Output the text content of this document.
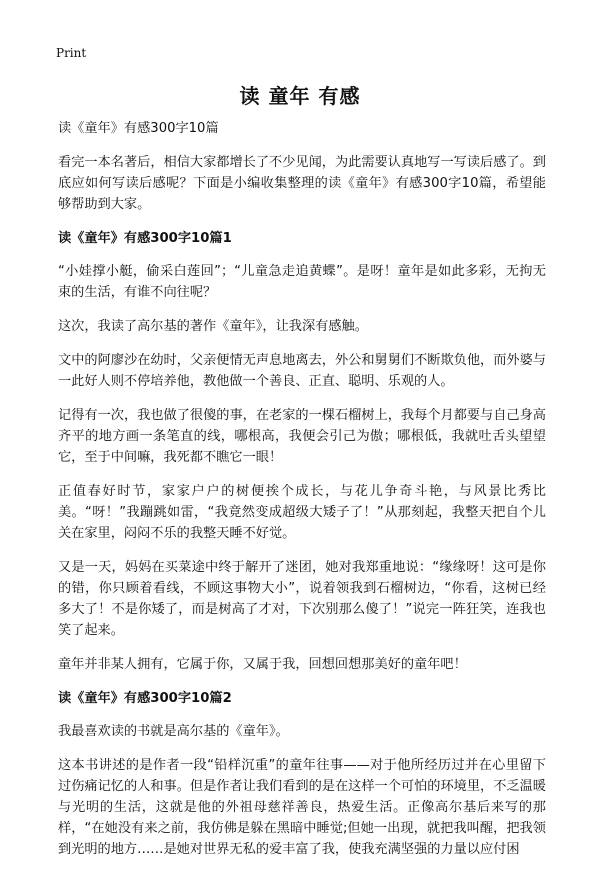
Print
读 童年 有感

读《童年》有感300字10篇

看完一本名著后，相信大家都增长了不少见闻，为此需要认真地写一写读后感了。到底应如何写读后感呢？下面是小编收集整理的读《童年》有感300字10篇，希望能够帮助到大家。

读《童年》有感300字10篇1

“小娃撑小艇，偷采白莲回”；“儿童急走追黄蝶”。是呀！童年是如此多彩，无拘无束的生活，有谁不向往呢？

这次，我读了高尔基的著作《童年》，让我深有感触。

文中的阿廖沙在幼时，父亲便情无声息地离去，外公和舅舅们不断欺负他，而外婆与一此好人则不停培养他，教他做一个善良、正直、聪明、乐观的人。

记得有一次，我也做了很傻的事，在老家的一棵石榴树上，我每个月都要与自己身高齐平的地方画一条笔直的线，哪根高，我便会引己为傲；哪根低，我就吐舌头望望它，至于中间嘛，我死都不瞧它一眼！

正值春好时节，家家户户的树便挨个成长，与花儿争奇斗艳，与风景比秀比美。“呀！”我蹦跳如雷，“我竟然变成超级大矮子了！”从那刻起，我整天把自个儿关在家里，闷闷不乐的我整天睡不好觉。

又是一天，妈妈在买菜途中终于解开了迷团，她对我郑重地说：“缘缘呀！这可是你的错，你只顾着看线，不顾这事物大小”，说着领我到石榴树边，“你看，这树已经多大了！不是你矮了，而是树高了才对，下次别那么傻了！”说完一阵狂笑，连我也笑了起来。

童年并非某人拥有，它属于你，又属于我，回想回想那美好的童年吧！

读《童年》有感300字10篇2

我最喜欢读的书就是高尔基的《童年》。

这本书讲述的是作者一段“铅样沉重”的童年往事——对于他所经历过并在心里留下过伤痛记忆的人和事。但是作者让我们看到的是在这样一个可怕的环境里，不乏温暖与光明的生活，这就是他的外祖母慈祥善良，热爱生活。正像高尔基后来写的那样，“在她没有来之前，我仿佛是躲在黑暗中睡觉;但她一出现，就把我叫醒，把我领到光明的地方……是她对世界无私的爱丰富了我，使我充满坚强的力量以应付困
